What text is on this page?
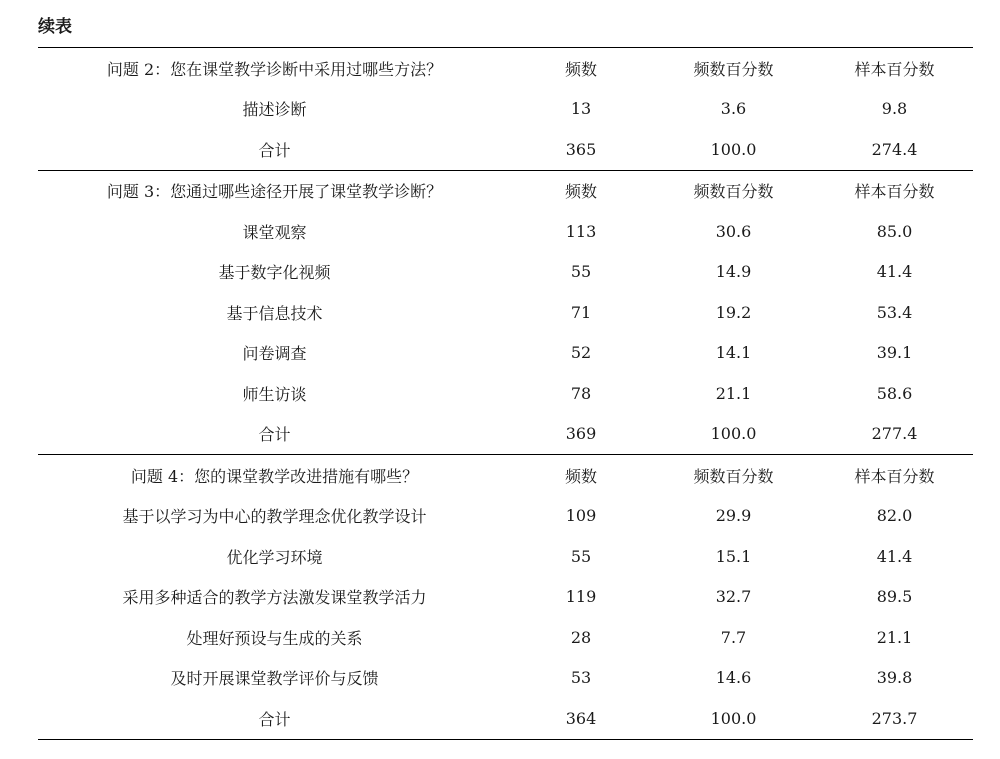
续表
问题 2：您在课堂教学诊断中采用过哪些方法？	频数	频数百分数	样本百分数
描述诊断	13	3.6	9.8
合计	365	100.0	274.4
问题 3：您通过哪些途径开展了课堂教学诊断？	频数	频数百分数	样本百分数
课堂观察	113	30.6	85.0
基于数字化视频	55	14.9	41.4
基于信息技术	71	19.2	53.4
问卷调查	52	14.1	39.1
师生访谈	78	21.1	58.6
合计	369	100.0	277.4
问题 4：您的课堂教学改进措施有哪些？	频数	频数百分数	样本百分数
基于以学习为中心的教学理念优化教学设计	109	29.9	82.0
优化学习环境	55	15.1	41.4
采用多种适合的教学方法激发课堂教学活力	119	32.7	89.5
处理好预设与生成的关系	28	7.7	21.1
及时开展课堂教学评价与反馈	53	14.6	39.8
合计	364	100.0	273.7
